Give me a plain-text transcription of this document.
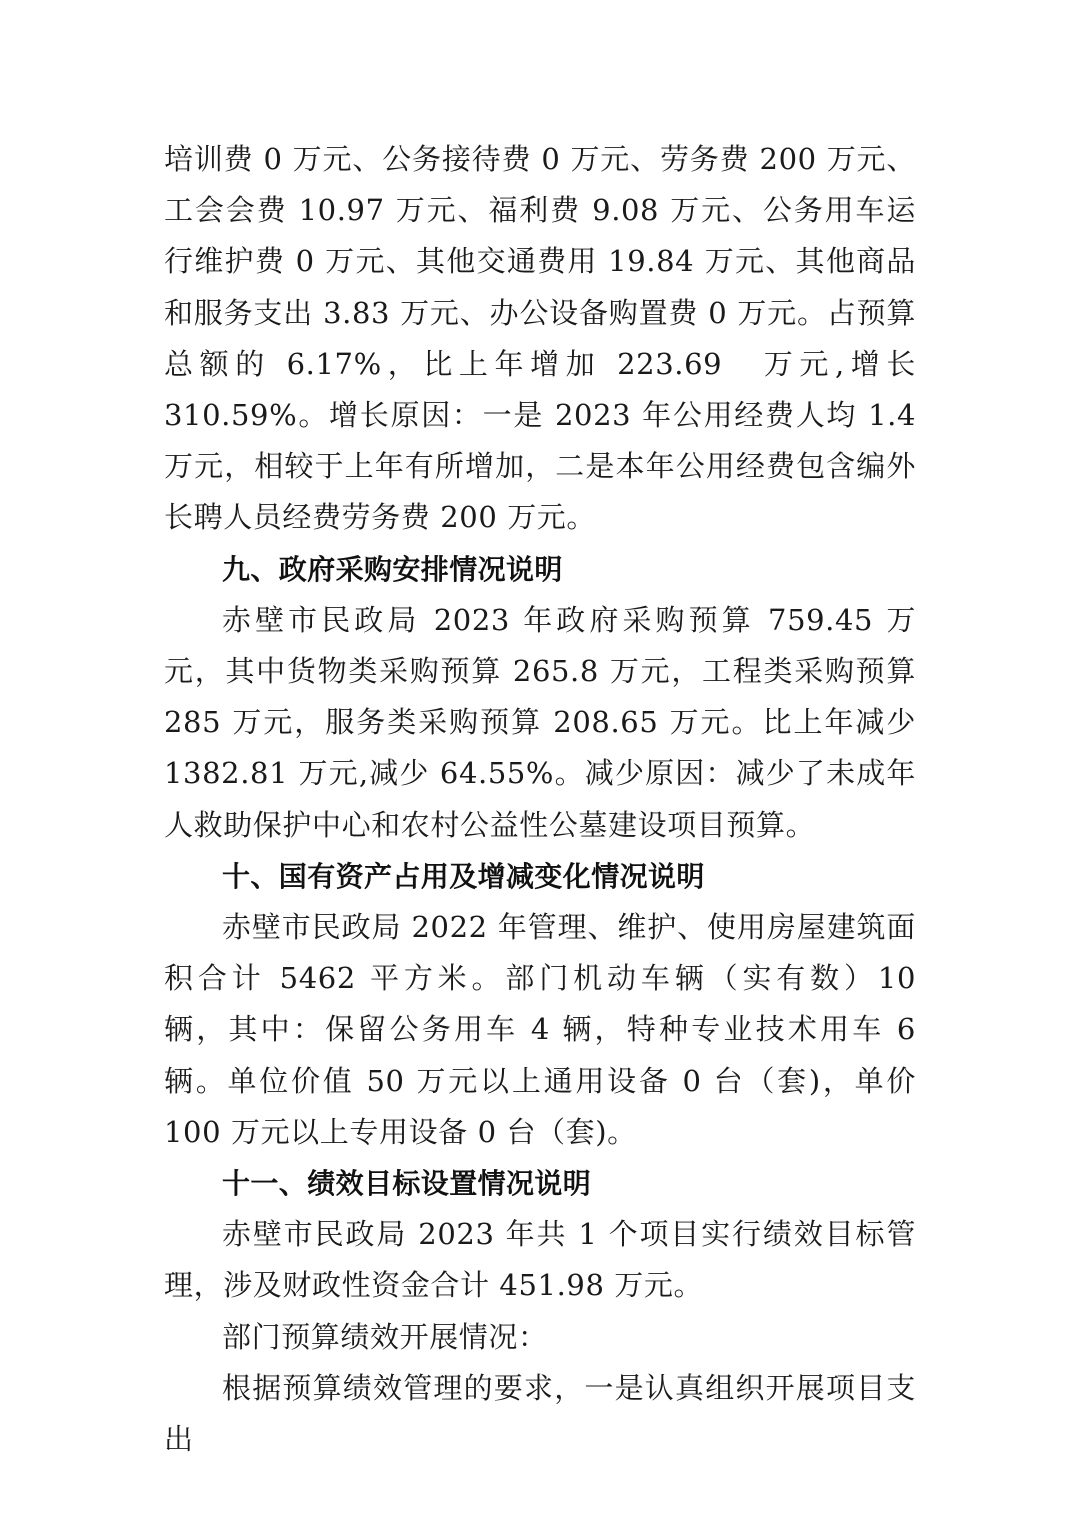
培训费 0 万元、公务接待费 0 万元、劳务费 200 万元、工会会费 10.97 万元、福利费 9.08 万元、公务用车运行维护费 0 万元、其他交通费用 19.84 万元、其他商品和服务支出 3.83 万元、办公设备购置费 0 万元。占预算总额的 6.17%，比上年增加 223.69　万元,增长 310.59%。增长原因：一是 2023 年公用经费人均 1.4 万元，相较于上年有所增加，二是本年公用经费包含编外长聘人员经费劳务费 200 万元。

九、政府采购安排情况说明

赤壁市民政局 2023 年政府采购预算 759.45 万元，其中货物类采购预算 265.8 万元，工程类采购预算 285 万元，服务类采购预算 208.65 万元。比上年减少 1382.81 万元,减少 64.55%。减少原因：减少了未成年人救助保护中心和农村公益性公墓建设项目预算。

十、国有资产占用及增减变化情况说明

赤壁市民政局 2022 年管理、维护、使用房屋建筑面积合计 5462 平方米。部门机动车辆（实有数）10　辆，其中：保留公务用车 4 辆，特种专业技术用车 6 辆。单位价值 50 万元以上通用设备 0 台（套)，单价 100 万元以上专用设备 0 台（套)。

十一、绩效目标设置情况说明

赤壁市民政局 2023 年共 1 个项目实行绩效目标管理，涉及财政性资金合计 451.98 万元。

部门预算绩效开展情况：

根据预算绩效管理的要求，一是认真组织开展项目支出
